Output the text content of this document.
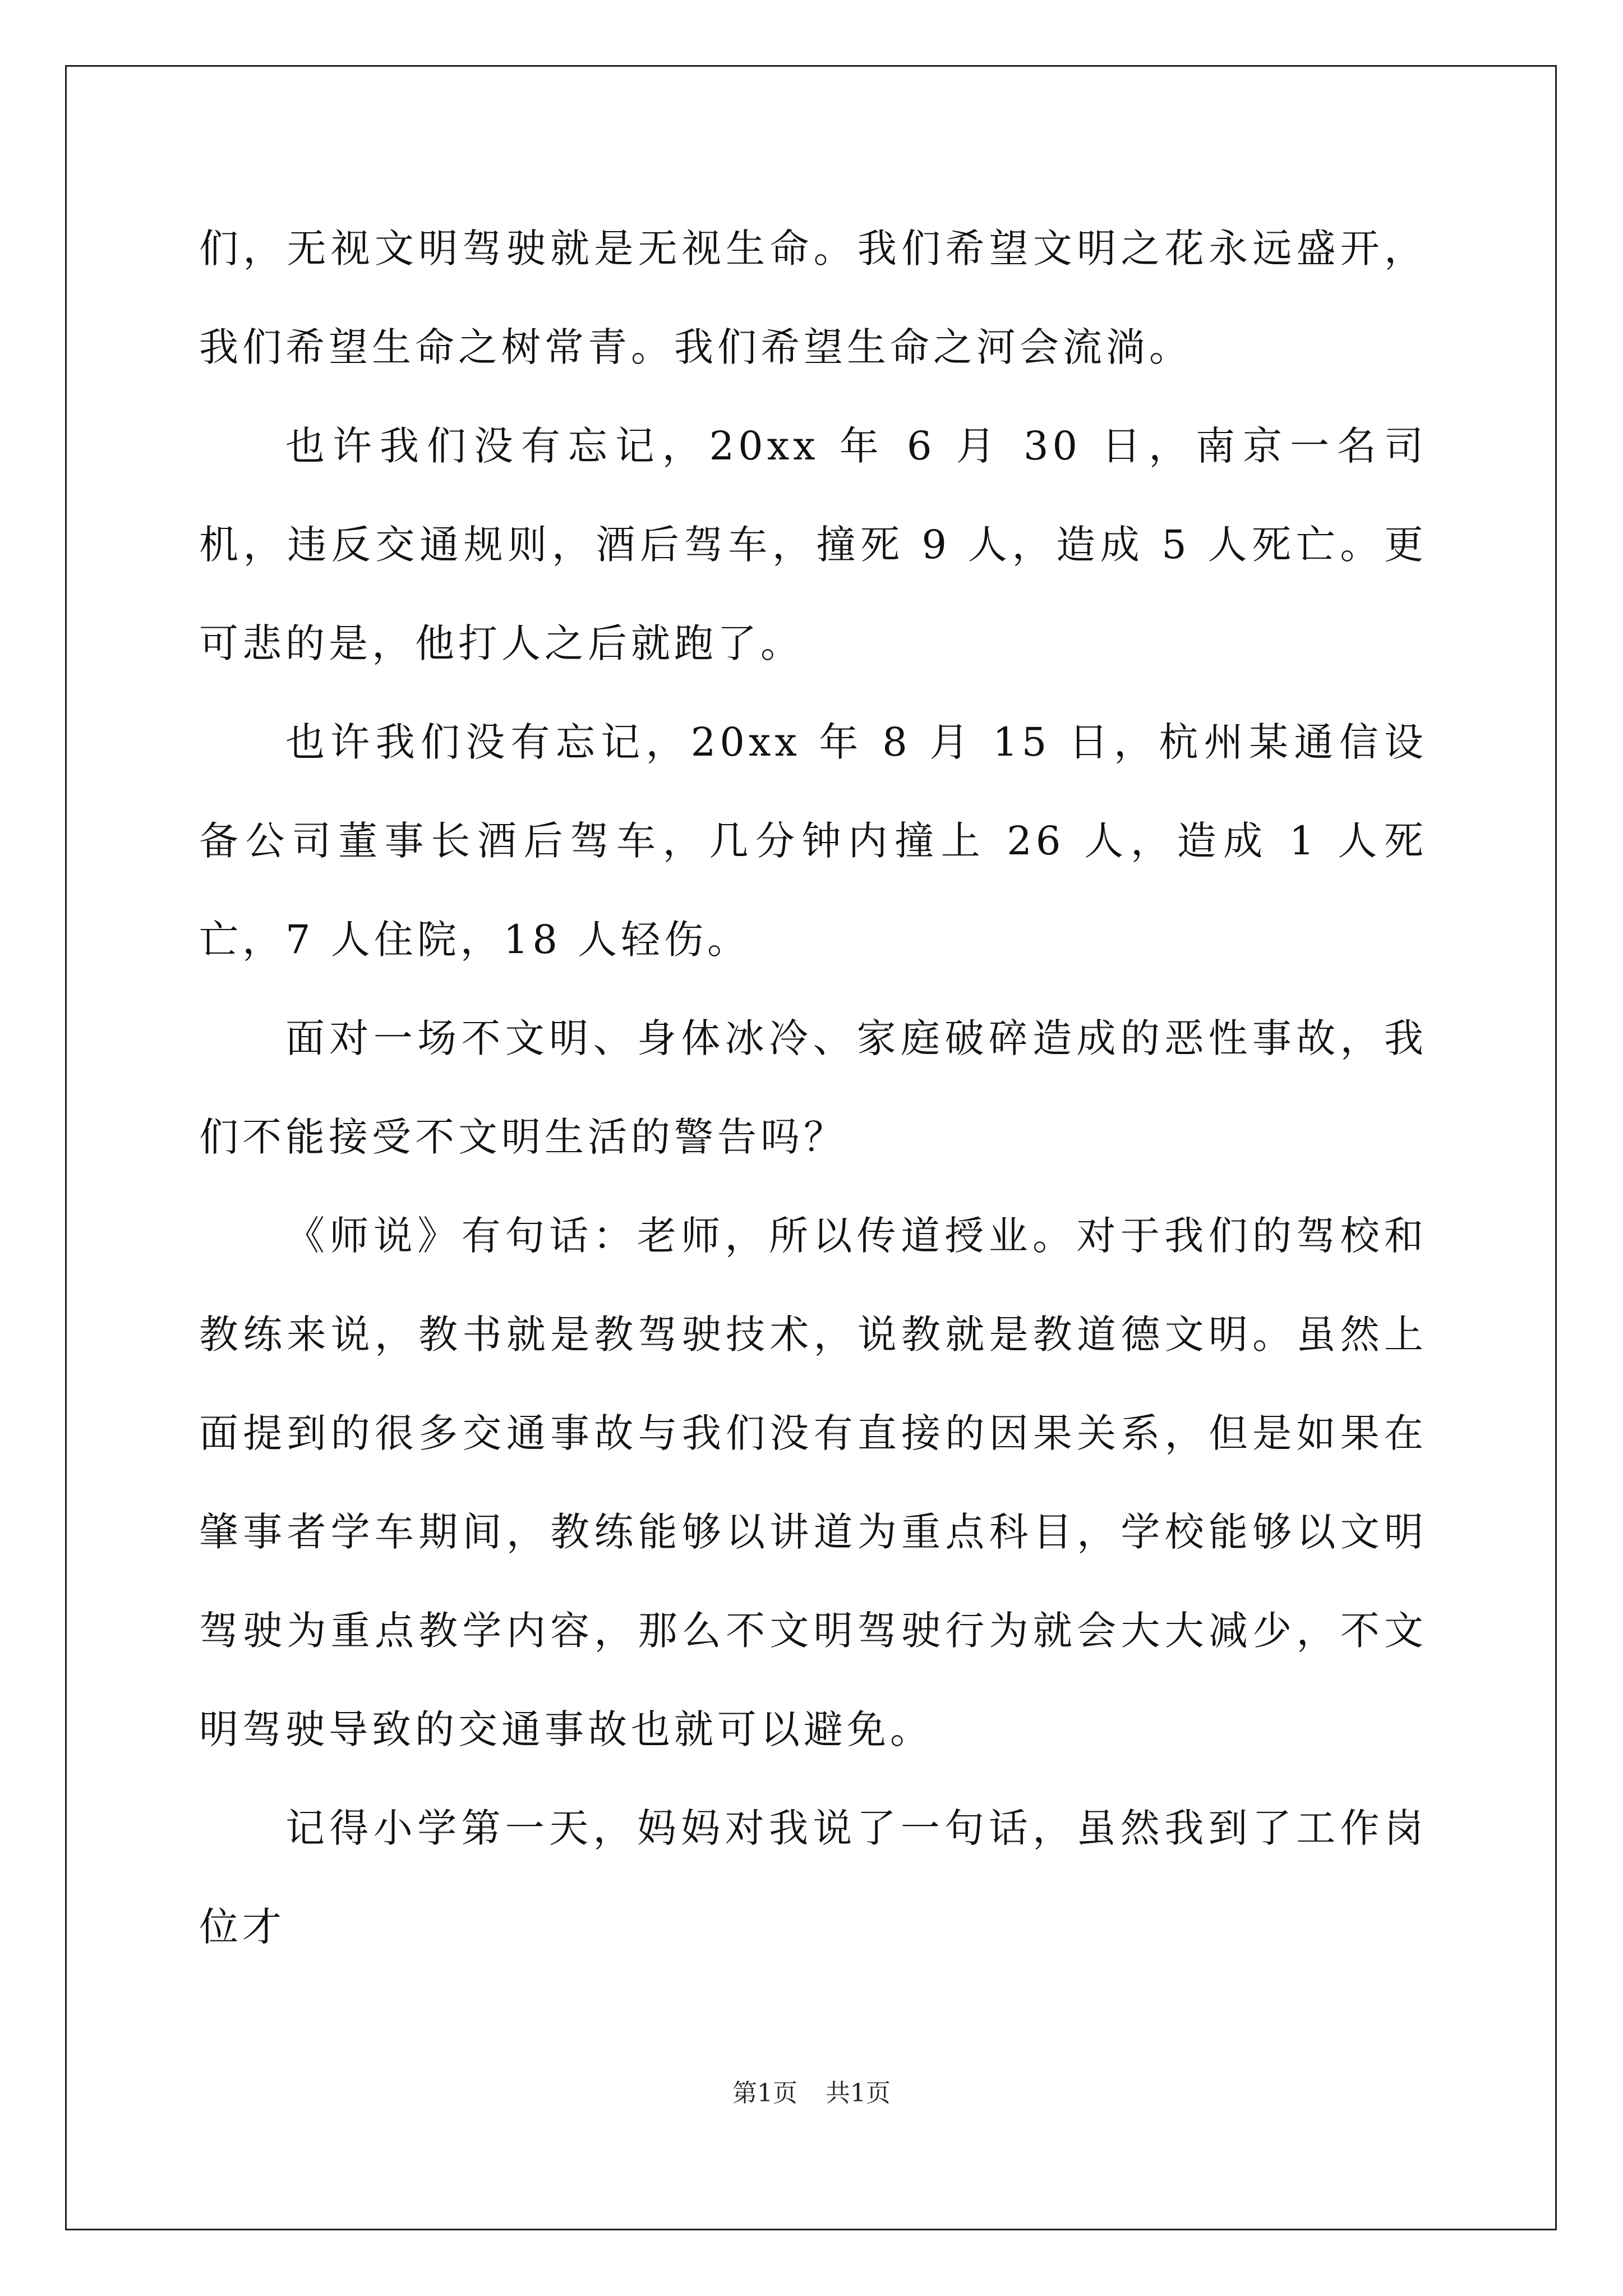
们，无视文明驾驶就是无视生命。我们希望文明之花永远盛开，我们希望生命之树常青。我们希望生命之河会流淌。

也许我们没有忘记，20xx 年 6 月 30 日，南京一名司机，违反交通规则，酒后驾车，撞死 9 人，造成 5 人死亡。更可悲的是，他打人之后就跑了。

也许我们没有忘记，20xx 年 8 月 15 日，杭州某通信设备公司董事长酒后驾车，几分钟内撞上 26 人，造成 1 人死亡，7 人住院，18 人轻伤。

面对一场不文明、身体冰冷、家庭破碎造成的恶性事故，我们不能接受不文明生活的警告吗？

《师说》有句话：老师，所以传道授业。对于我们的驾校和教练来说，教书就是教驾驶技术，说教就是教道德文明。虽然上面提到的很多交通事故与我们没有直接的因果关系，但是如果在肇事者学车期间，教练能够以讲道为重点科目，学校能够以文明驾驶为重点教学内容，那么不文明驾驶行为就会大大减少，不文明驾驶导致的交通事故也就可以避免。

记得小学第一天，妈妈对我说了一句话，虽然我到了工作岗位才

第1页 共1页
